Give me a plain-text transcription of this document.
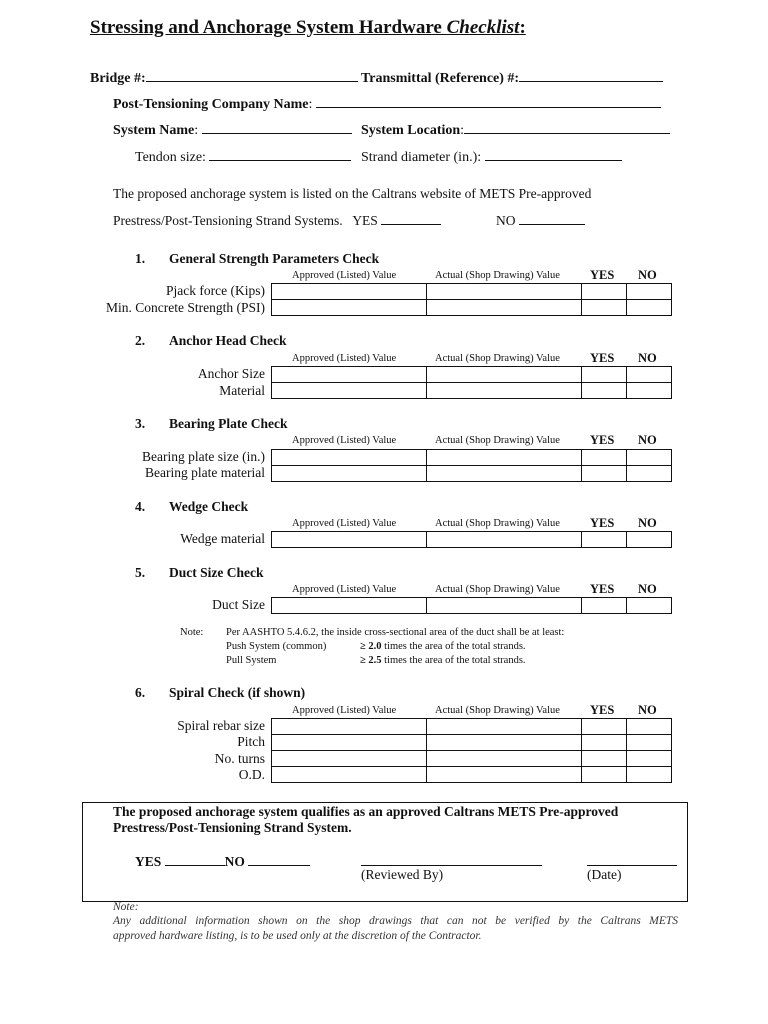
Stressing and Anchorage System Hardware Checklist:
Bridge #:	Transmittal (Reference) #:
Post-Tensioning Company Name:
System Name:	System Location:
Tendon size:	Strand diameter (in.):
The proposed anchorage system is listed on the Caltrans website of METS Pre-approved
Prestress/Post-Tensioning Strand Systems. YES	NO
1. General Strength Parameters Check
Approved (Listed) Value	Actual (Shop Drawing) Value YES NO
Pjack force (Kips)
Min. Concrete Strength (PSI)

2. Anchor Head Check
Approved (Listed) Value	Actual (Shop Drawing) Value YES NO
Anchor Size
Material

3. Bearing Plate Check
Approved (Listed) Value	Actual (Shop Drawing) Value YES NO
Bearing plate size (in.)
Bearing plate material

4. Wedge Check
Approved (Listed) Value	Actual (Shop Drawing) Value YES NO
Wedge material

5. Duct Size Check
Approved (Listed) Value	Actual (Shop Drawing) Value YES NO
Duct Size

Note: Per AASHTO 5.4.6.2, the inside cross-sectional area of the duct shall be at least:
Push System (common)	≥ 2.0 times the area of the total strands.
Pull System	≥ 2.5 times the area of the total strands.
6. Spiral Check (if shown)
Approved (Listed) Value	Actual (Shop Drawing) Value YES NO
Spiral rebar size
Pitch
No. turns
O.D.

The proposed anchorage system qualifies as an approved Caltrans METS Pre-approved
Prestress/Post-Tensioning Strand System.
YES	NO
(Reviewed By)	(Date)
Note:
Any additional information shown on the shop drawings that can not be verified by the Caltrans METS
approved hardware listing, is to be used only at the discretion of the Contractor.
